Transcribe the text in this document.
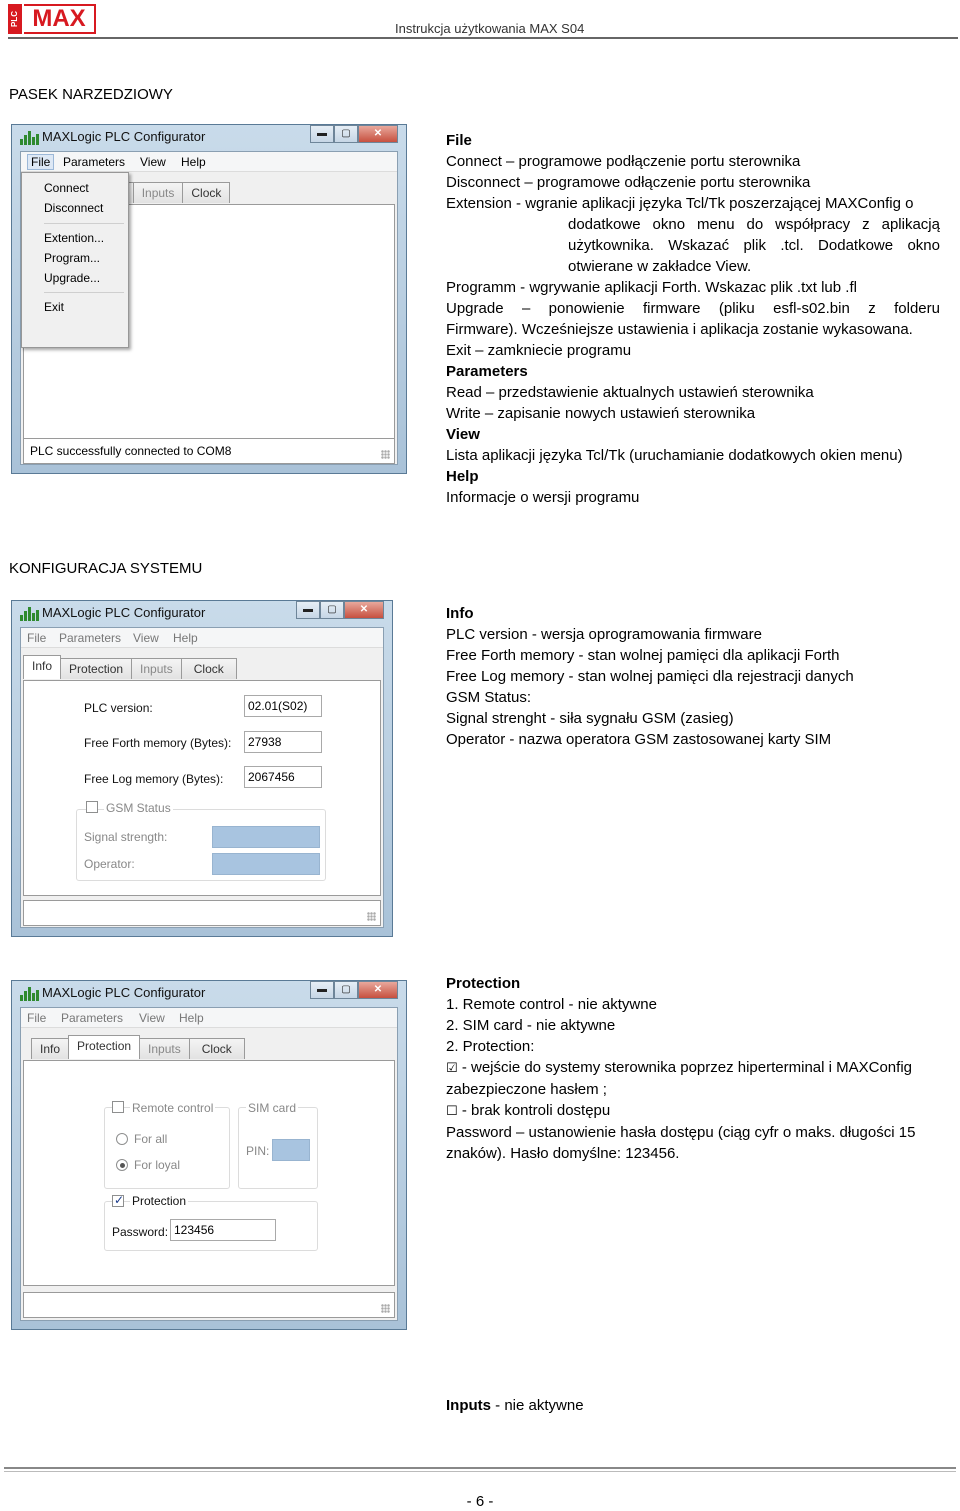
PLC MAX	Instrukcja użytkowania MAX S04
PASEK NARZEDZIOWY
MAXLogic PLC Configurator	▬	▢	✕
File	Parameters View Help
Inputs	Clock
PLC successfully connected to COM8
Connect
Disconnect
Extention...
Program...
Upgrade...
Exit
File
Connect – programowe podłączenie portu sterownika
Disconnect – programowe odłączenie portu sterownika
Extension - wgranie aplikacji języka Tcl/Tk poszerzającej MAXConfig o
dodatkowe okno menu do współpracy z aplikacją
użytkownika. Wskazać plik .tcl. Dodatkowe okno
otwierane w zakładce View.
Programm - wgrywanie aplikacji Forth. Wskazac plik .txt lub .fl
Upgrade – ponowienie firmware (pliku esfl-s02.bin z folderu
Firmware). Wcześniejsze ustawienia i aplikacja zostanie wykasowana.
Exit – zamkniecie programu
Parameters
Read – przedstawienie aktualnych ustawień sterownika
Write – zapisanie nowych ustawień sterownika
View
Lista aplikacji języka Tcl/Tk (uruchamianie dodatkowych okien menu)
Help
Informacje o wersji programu
KONFIGURACJA SYSTEMU
MAXLogic PLC Configurator	▬	▢	✕
File Parameters View Help
Info	Protection	Inputs	Clock
PLC version:	02.01(S02)
Free Forth memory (Bytes):	27938
Free Log memory (Bytes):	2067456
GSM Status
Signal strength:
Operator:
Info
PLC version - wersja oprogramowania firmware
Free Forth memory - stan wolnej pamięci dla aplikacji Forth
Free Log memory - stan wolnej pamięci dla rejestracji danych
GSM Status:
Signal strenght - siła sygnału GSM (zasieg)
Operator - nazwa operatora GSM zastosowanej karty SIM
MAXLogic PLC Configurator	▬	▢	✕
File Parameters View Help
Info	Protection	Inputs	Clock
Remote control
For all
For loyal
SIM card
PIN:
✓
Protection
Password: 123456
Protection
1. Remote control - nie aktywne
2. SIM card - nie aktywne
2. Protection:
☑ - wejście do systemy sterownika poprzez hiperterminal i MAXConfig
zabezpieczone hasłem ;
☐ - brak kontroli dostępu
Password – ustanowienie hasła dostępu (ciąg cyfr o maks. długości 15
znaków). Hasło domyślne: 123456.
Inputs - nie aktywne
- 6 -
